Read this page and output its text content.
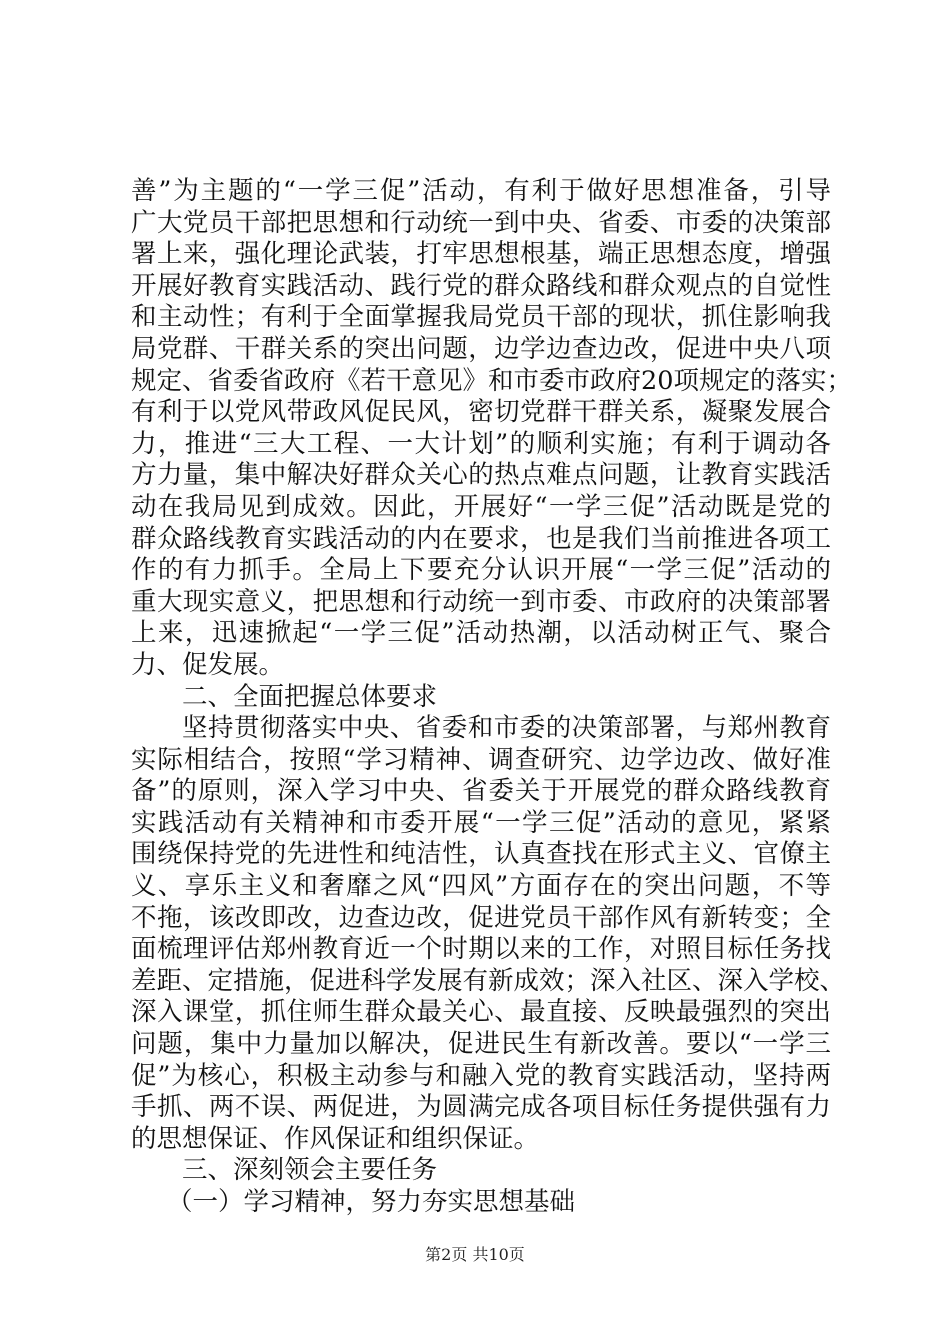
善”为主题的“一学三促”活动，有利于做好思想准备，引导
广大党员干部把思想和行动统一到中央、省委、市委的决策部
署上来，强化理论武装，打牢思想根基，端正思想态度，增强
开展好教育实践活动、践行党的群众路线和群众观点的自觉性
和主动性；有利于全面掌握我局党员干部的现状，抓住影响我
局党群、干群关系的突出问题，边学边查边改，促进中央八项
规定、省委省政府《若干意见》和市委市政府20项规定的落实；
有利于以党风带政风促民风，密切党群干群关系，凝聚发展合
力，推进“三大工程、一大计划”的顺利实施；有利于调动各
方力量，集中解决好群众关心的热点难点问题，让教育实践活
动在我局见到成效。因此，开展好“一学三促”活动既是党的
群众路线教育实践活动的内在要求，也是我们当前推进各项工
作的有力抓手。全局上下要充分认识开展“一学三促”活动的
重大现实意义，把思想和行动统一到市委、市政府的决策部署
上来，迅速掀起“一学三促”活动热潮，以活动树正气、聚合
力、促发展。
二、全面把握总体要求
坚持贯彻落实中央、省委和市委的决策部署，与郑州教育
实际相结合，按照“学习精神、调查研究、边学边改、做好准
备”的原则，深入学习中央、省委关于开展党的群众路线教育
实践活动有关精神和市委开展“一学三促”活动的意见，紧紧
围绕保持党的先进性和纯洁性，认真查找在形式主义、官僚主
义、享乐主义和奢靡之风“四风”方面存在的突出问题，不等
不拖，该改即改，边查边改，促进党员干部作风有新转变；全
面梳理评估郑州教育近一个时期以来的工作，对照目标任务找
差距、定措施，促进科学发展有新成效；深入社区、深入学校、
深入课堂，抓住师生群众最关心、最直接、反映最强烈的突出
问题，集中力量加以解决，促进民生有新改善。要以“一学三
促”为核心，积极主动参与和融入党的教育实践活动，坚持两
手抓、两不误、两促进，为圆满完成各项目标任务提供强有力
的思想保证、作风保证和组织保证。
三、深刻领会主要任务
（一）学习精神，努力夯实思想基础
第2页 共10页
